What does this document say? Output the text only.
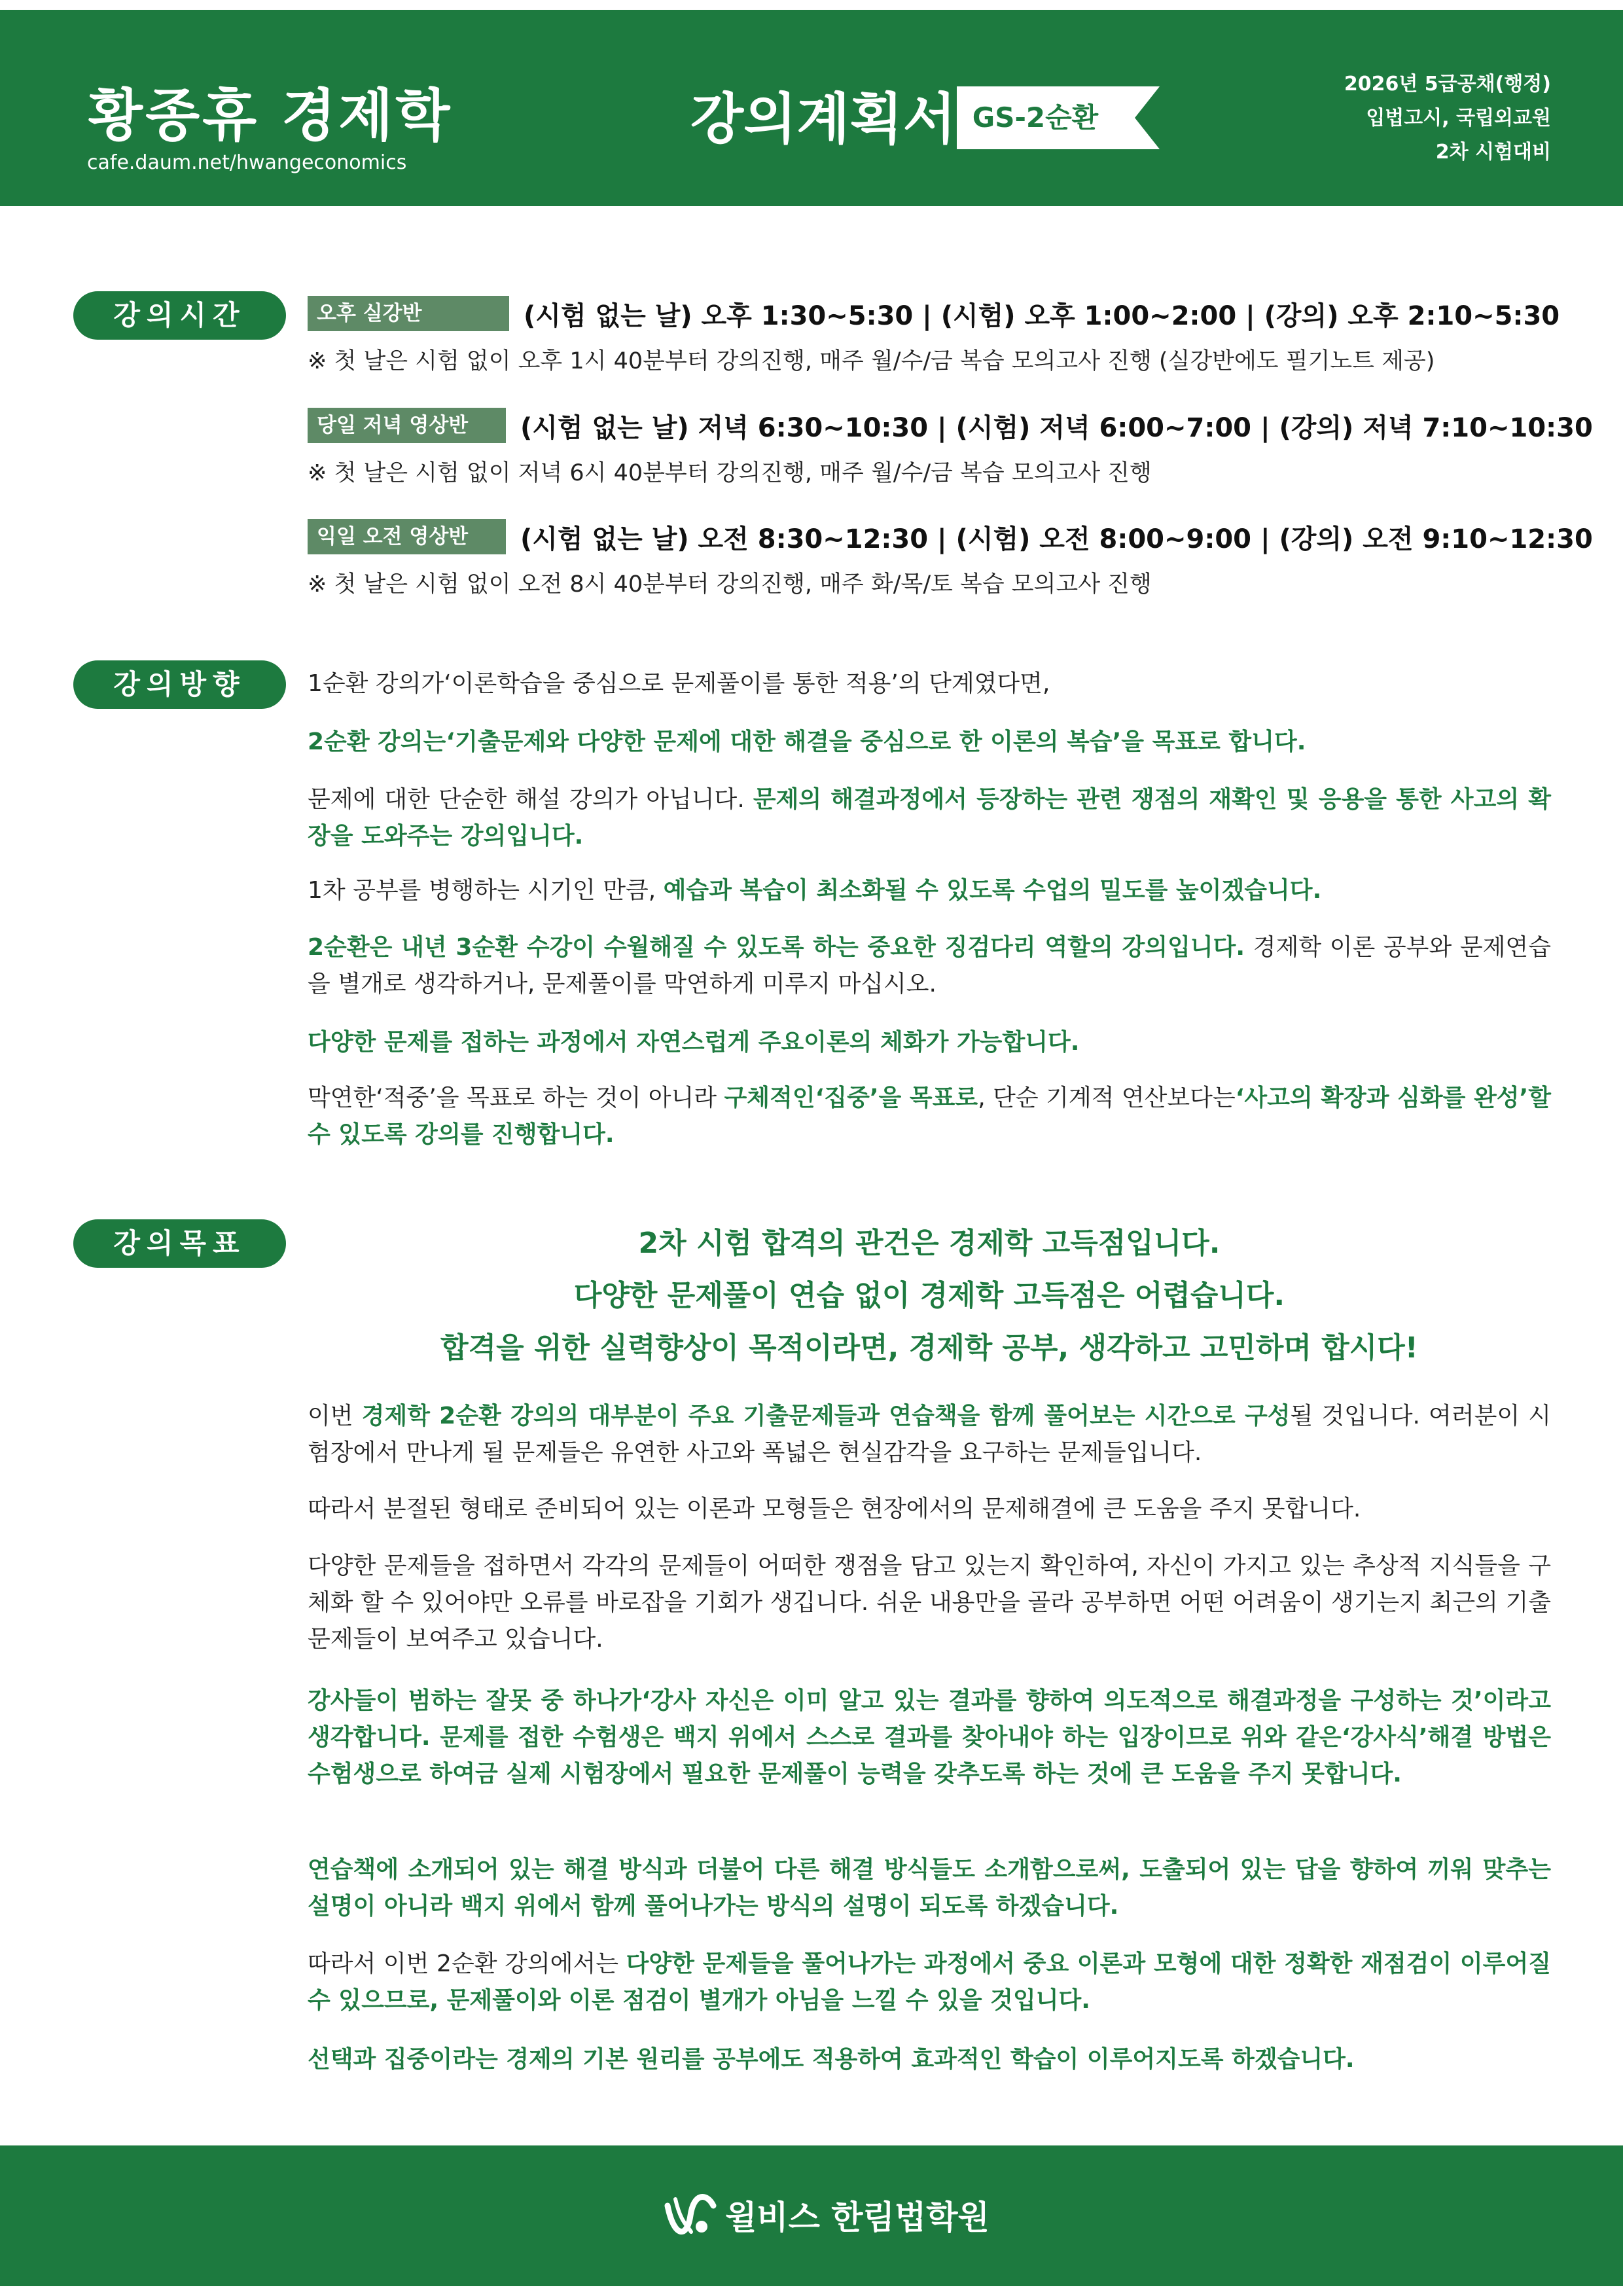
황종휴 경제학
cafe.daum.net/hwangeconomics
강의계획서 GS-2순환
2026년 5급공채(행정)
입법고시, 국립외교원
2차 시험대비
강의시간	오후 실강반	(시험 없는 날) 오후 1:30~5:30 | (시험) 오후 1:00~2:00 | (강의) 오후 2:10~5:30
※ 첫 날은 시험 없이 오후 1시 40분부터 강의진행, 매주 월/수/금 복습 모의고사 진행 (실강반에도 필기노트 제공)
당일 저녁 영상반	(시험 없는 날) 저녁 6:30~10:30 | (시험) 저녁 6:00~7:00 | (강의) 저녁 7:10~10:30
※ 첫 날은 시험 없이 저녁 6시 40분부터 강의진행, 매주 월/수/금 복습 모의고사 진행
익일 오전 영상반	(시험 없는 날) 오전 8:30~12:30 | (시험) 오전 8:00~9:00 | (강의) 오전 9:10~12:30
※ 첫 날은 시험 없이 오전 8시 40분부터 강의진행, 매주 화/목/토 복습 모의고사 진행
강의방향	1순환 강의가‘이론학습을 중심으로 문제풀이를 통한 적용’의 단계였다면,
2순환 강의는‘기출문제와 다양한 문제에 대한 해결을 중심으로 한 이론의 복습’을 목표로 합니다.
문제에 대한 단순한 해설 강의가 아닙니다. 문제의 해결과정에서 등장하는 관련 쟁점의 재확인 및 응용을 통한 사고의 확장을 도와주는 강의입니다.
1차 공부를 병행하는 시기인 만큼, 예습과 복습이 최소화될 수 있도록 수업의 밀도를 높이겠습니다.
2순환은 내년 3순환 수강이 수월해질 수 있도록 하는 중요한 징검다리 역할의 강의입니다. 경제학 이론 공부와 문제연습을 별개로 생각하거나, 문제풀이를 막연하게 미루지 마십시오.
다양한 문제를 접하는 과정에서 자연스럽게 주요이론의 체화가 가능합니다.
막연한‘적중’을 목표로 하는 것이 아니라 구체적인‘집중’을 목표로, 단순 기계적 연산보다는‘사고의 확장과 심화를 완성’할 수 있도록 강의를 진행합니다.
강의목표	2차 시험 합격의 관건은 경제학 고득점입니다.
다양한 문제풀이 연습 없이 경제학 고득점은 어렵습니다.
합격을 위한 실력향상이 목적이라면, 경제학 공부, 생각하고 고민하며 합시다!
이번 경제학 2순환 강의의 대부분이 주요 기출문제들과 연습책을 함께 풀어보는 시간으로 구성될 것입니다. 여러분이 시험장에서 만나게 될 문제들은 유연한 사고와 폭넓은 현실감각을 요구하는 문제들입니다.
따라서 분절된 형태로 준비되어 있는 이론과 모형들은 현장에서의 문제해결에 큰 도움을 주지 못합니다.
다양한 문제들을 접하면서 각각의 문제들이 어떠한 쟁점을 담고 있는지 확인하여, 자신이 가지고 있는 추상적 지식들을 구체화 할 수 있어야만 오류를 바로잡을 기회가 생깁니다. 쉬운 내용만을 골라 공부하면 어떤 어려움이 생기는지 최근의 기출문제들이 보여주고 있습니다.
강사들이 범하는 잘못 중 하나가‘강사 자신은 이미 알고 있는 결과를 향하여 의도적으로 해결과정을 구성하는 것’이라고 생각합니다. 문제를 접한 수험생은 백지 위에서 스스로 결과를 찾아내야 하는 입장이므로 위와 같은‘강사식’해결 방법은 수험생으로 하여금 실제 시험장에서 필요한 문제풀이 능력을 갖추도록 하는 것에 큰 도움을 주지 못합니다.
연습책에 소개되어 있는 해결 방식과 더불어 다른 해결 방식들도 소개함으로써, 도출되어 있는 답을 향하여 끼워 맞추는 설명이 아니라 백지 위에서 함께 풀어나가는 방식의 설명이 되도록 하겠습니다.
따라서 이번 2순환 강의에서는 다양한 문제들을 풀어나가는 과정에서 중요 이론과 모형에 대한 정확한 재점검이 이루어질 수 있으므로, 문제풀이와 이론 점검이 별개가 아님을 느낄 수 있을 것입니다.
선택과 집중이라는 경제의 기본 원리를 공부에도 적용하여 효과적인 학습이 이루어지도록 하겠습니다.
윌비스 한림법학원
